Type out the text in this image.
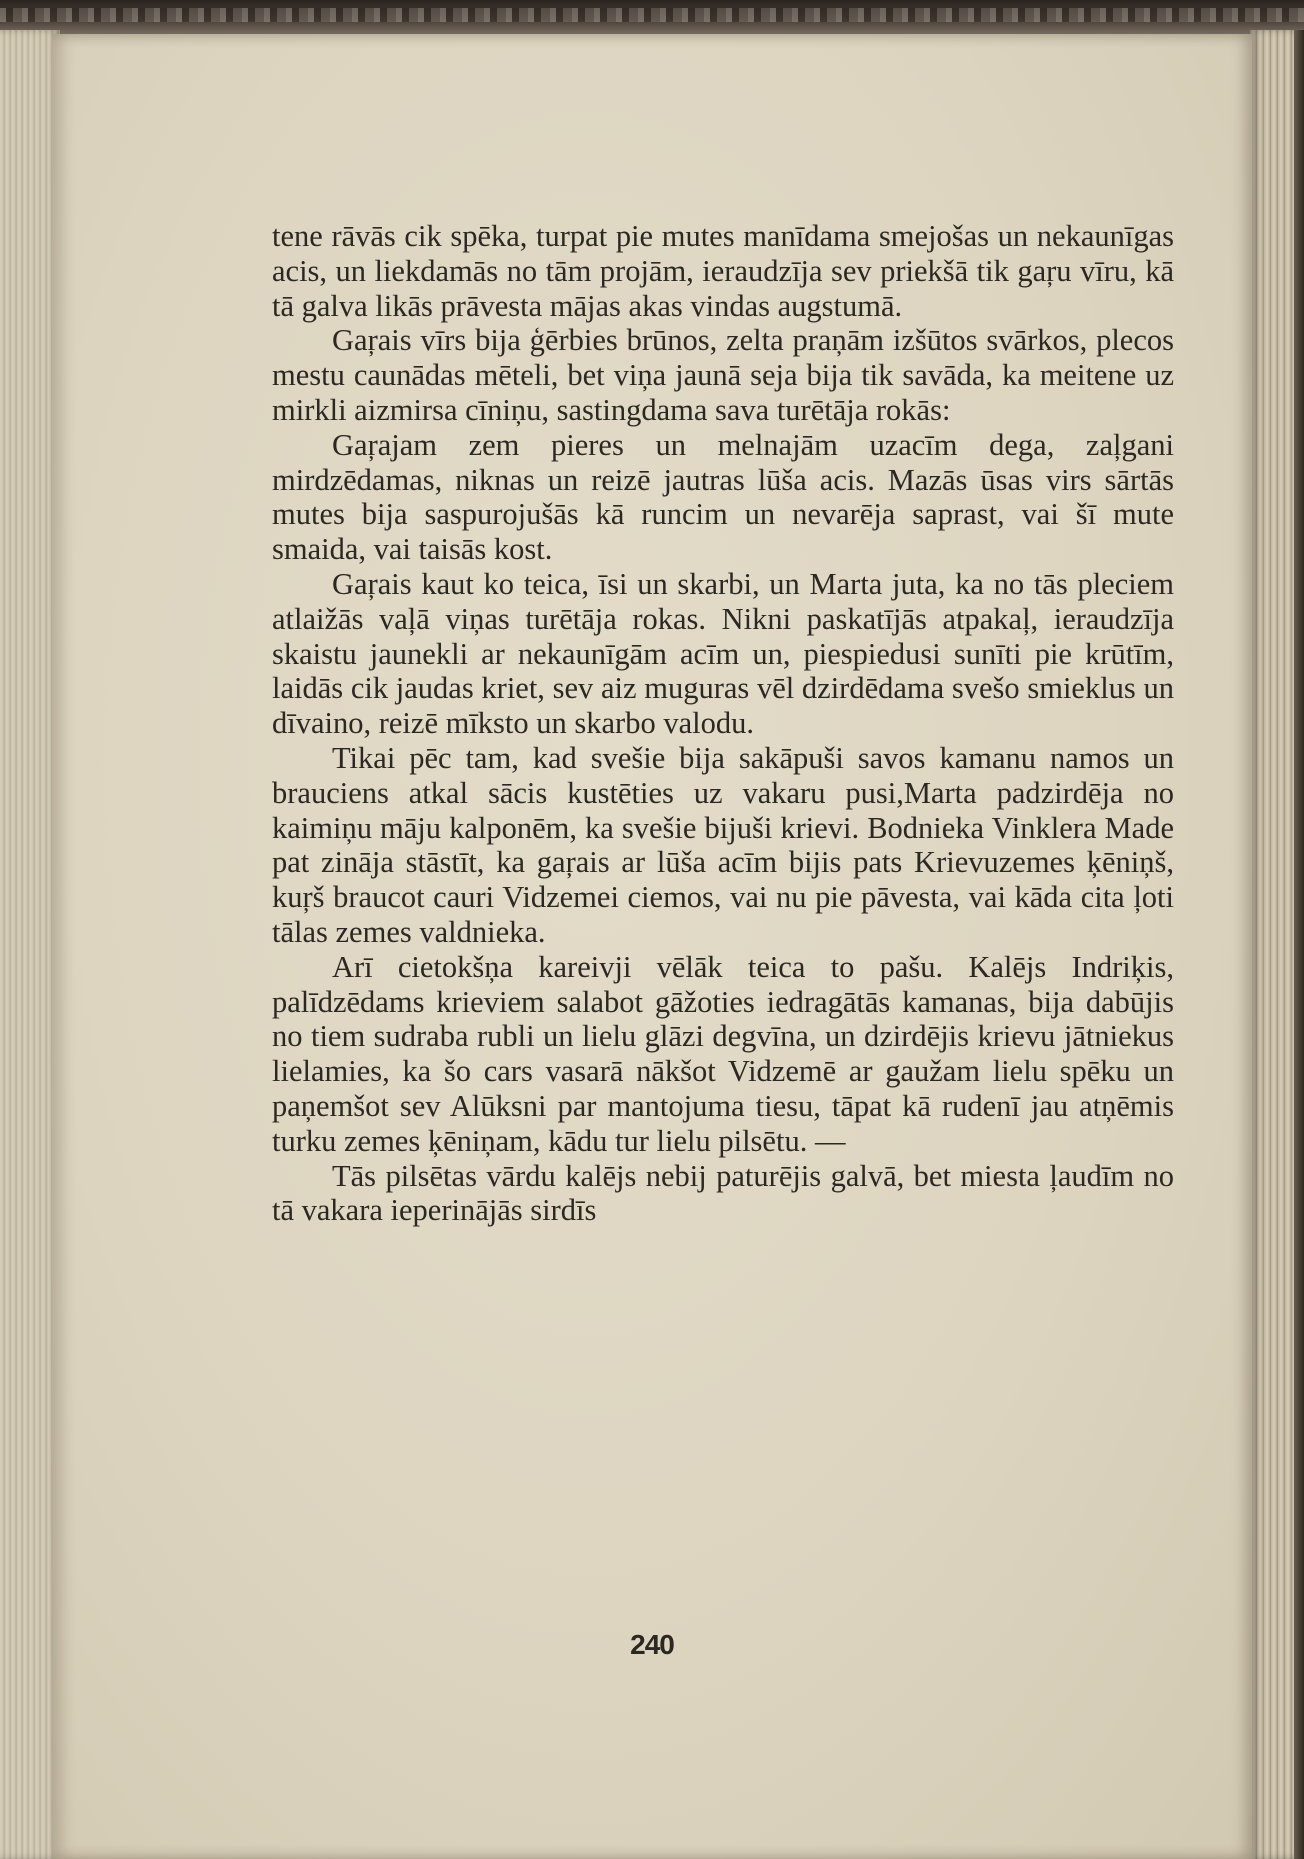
tene rāvās cik spēka, turpat pie mutes manīdama smejošas un nekaunīgas acis, un liekdamās no tām projām, ieraudzīja sev priekšā tik gaŗu vīru, kā tā galva likās prāvesta mājas akas vindas augstumā.

Gaŗais vīrs bija ģērbies brūnos, zelta praņām izšūtos svārkos, plecos mestu caunādas mēteli, bet viņa jaunā seja bija tik savāda, ka meitene uz mirkli aizmirsa cīniņu, sastingdama sava turētāja rokās:

Gaŗajam zem pieres un melnajām uzacīm dega, zaļgani mirdzēdamas, niknas un reizē jautras lūša acis. Mazās ūsas virs sārtās mutes bija saspurojušās kā runcim un nevarēja saprast, vai šī mute smaida, vai taisās kost.

Gaŗais kaut ko teica, īsi un skarbi, un Marta juta, ka no tās pleciem atlaižās vaļā viņas turētāja rokas. Nikni paskatījās atpakaļ, ieraudzīja skaistu jaunekli ar nekaunīgām acīm un, piespiedusi sunīti pie krūtīm, laidās cik jaudas kriet, sev aiz muguras vēl dzirdēdama svešo smieklus un dīvaino, reizē mīksto un skarbo valodu.

Tikai pēc tam, kad svešie bija sakāpuši savos kamanu namos un brauciens atkal sācis kustēties uz vakaru pusi,Marta padzirdēja no kaimiņu māju kalponēm, ka svešie bijuši krievi. Bodnieka Vinklera Made pat zināja stāstīt, ka gaŗais ar lūša acīm bijis pats Krievuzemes ķēniņš, kuŗš braucot cauri Vidzemei ciemos, vai nu pie pāvesta, vai kāda cita ļoti tālas zemes valdnieka.

Arī cietokšņa kareivji vēlāk teica to pašu. Kalējs Indriķis, palīdzēdams krieviem salabot gāžoties iedragātās kamanas, bija dabūjis no tiem sudraba rubli un lielu glāzi degvīna, un dzirdējis krievu jātniekus lielamies, ka šo cars vasarā nākšot Vidzemē ar gaužam lielu spēku un paņemšot sev Alūksni par mantojuma tiesu, tāpat kā rudenī jau atņēmis turku zemes ķēniņam, kādu tur lielu pilsētu. —

Tās pilsētas vārdu kalējs nebij paturējis galvā, bet miesta ļaudīm no tā vakara ieperinājās sirdīs

240
